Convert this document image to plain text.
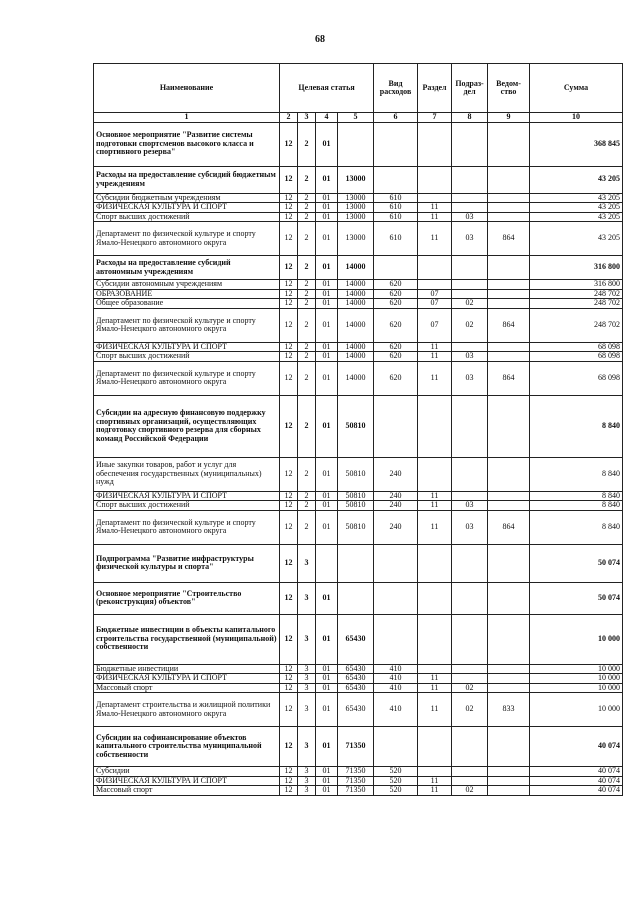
68
Наименование	Целевая статья				Вид расходов	Раздел	Подраз-дел	Ведом-ство	Сумма
1	2	3	4	5	6	7	8	9	10
Основное мероприятие "Развитие системы подготовки спортсменов высокого класса и спортивного резерва"	12	2	01						368 845
Расходы на предоставление субсидий бюджетным учреждениям	12	2	01	13000					43 205
Субсидии бюджетным учреждениям	12	2	01	13000	610				43 205
ФИЗИЧЕСКАЯ КУЛЬТУРА И СПОРТ	12	2	01	13000	610	11			43 205
Спорт высших достижений	12	2	01	13000	610	11	03		43 205
Департамент по физической культуре и спорту Ямало-Ненецкого автономного округа	12	2	01	13000	610	11	03	864	43 205
Расходы на предоставление субсидий автономным учреждениям	12	2	01	14000					316 800
Субсидии автономным учреждениям	12	2	01	14000	620				316 800
ОБРАЗОВАНИЕ	12	2	01	14000	620	07			248 702
Общее образование	12	2	01	14000	620	07	02		248 702
Департамент по физической культуре и спорту Ямало-Ненецкого автономного округа	12	2	01	14000	620	07	02	864	248 702
ФИЗИЧЕСКАЯ КУЛЬТУРА И СПОРТ	12	2	01	14000	620	11			68 098
Спорт высших достижений	12	2	01	14000	620	11	03		68 098
Департамент по физической культуре и спорту Ямало-Ненецкого автономного округа	12	2	01	14000	620	11	03	864	68 098
Субсидии на адресную финансовую поддержку спортивных организаций, осуществляющих подготовку спортивного резерва для сборных команд Российской Федерации	12	2	01	50810					8 840
Иные закупки товаров, работ и услуг для обеспечения государственных (муниципальных) нужд	12	2	01	50810	240				8 840
ФИЗИЧЕСКАЯ КУЛЬТУРА И СПОРТ	12	2	01	50810	240	11			8 840
Спорт высших достижений	12	2	01	50810	240	11	03		8 840
Департамент по физической культуре и спорту Ямало-Ненецкого автономного округа	12	2	01	50810	240	11	03	864	8 840
Подпрограмма "Развитие инфраструктуры физической культуры и спорта"	12	3							50 074
Основное мероприятие "Строительство (реконструкция) объектов"	12	3	01						50 074
Бюджетные инвестиции в объекты капитального строительства государственной (муниципальной) собственности	12	3	01	65430					10 000
Бюджетные инвестиции	12	3	01	65430	410				10 000
ФИЗИЧЕСКАЯ КУЛЬТУРА И СПОРТ	12	3	01	65430	410	11			10 000
Массовый спорт	12	3	01	65430	410	11	02		10 000
Департамент строительства и жилищной политики Ямало-Ненецкого автономного округа	12	3	01	65430	410	11	02	833	10 000
Субсидии на софинансирование объектов капитального строительства муниципальной собственности	12	3	01	71350					40 074
Субсидии	12	3	01	71350	520				40 074
ФИЗИЧЕСКАЯ КУЛЬТУРА И СПОРТ	12	3	01	71350	520	11			40 074
Массовый спорт	12	3	01	71350	520	11	02		40 074
